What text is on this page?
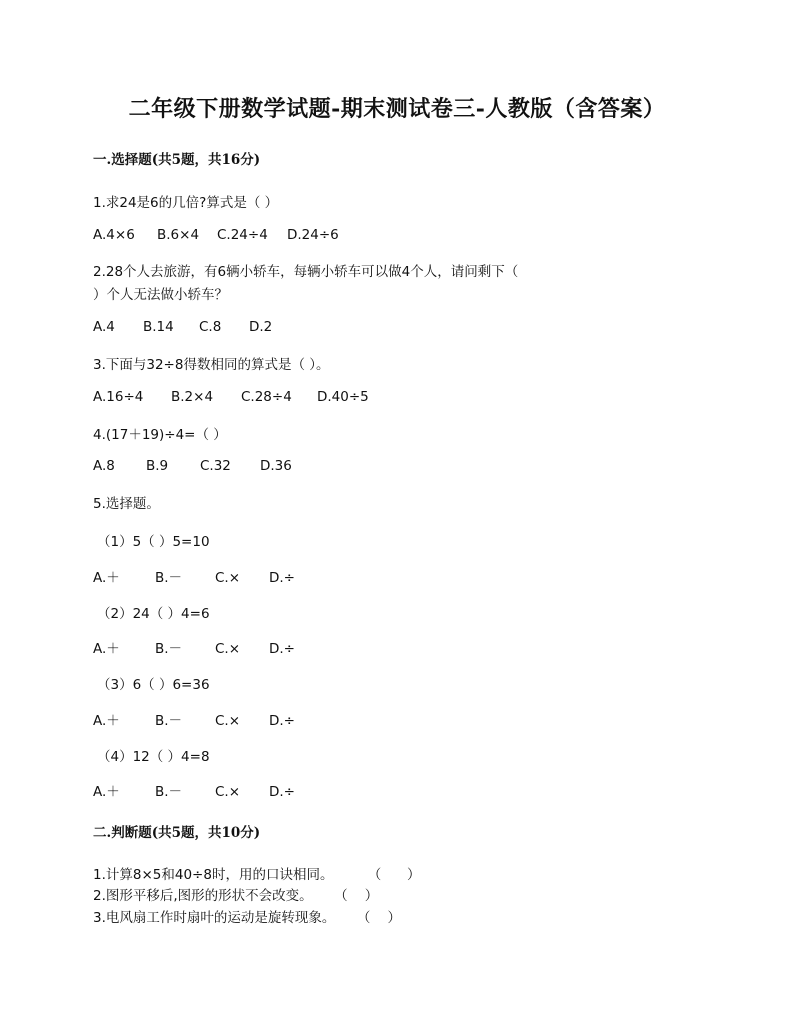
二年级下册数学试题-期末测试卷三-人教版（含答案）
一.选择题(共5题，共16分)
1.求24是6的几倍?算式是（ ）
A.4×6 B.6×4 C.24÷4 D.24÷6
2.28个人去旅游，有6辆小轿车，每辆小轿车可以做4个人，请问剩下（
）个人无法做小轿车？
A.4 B.14 C.8 D.2
3.下面与32÷8得数相同的算式是（ ）。
A.16÷4 B.2×4 C.28÷4 D.40÷5
4.(17＋19)÷4=（ ）
A.8 B.9 C.32 D.36
5.选择题。
（1）5（ ）5=10
A.＋	B.－ C.× D.÷
（2）24（ ）4=6
A.＋	B.－ C.× D.÷
（3）6（ ）6=36
A.＋	B.－ C.× D.÷
（4）12（ ）4=8
A.＋	B.－ C.× D.÷
二.判断题(共5题，共10分)
1.计算8×5和40÷8时，用的口诀相同。        （      ）
2.图形平移后,图形的形状不会改变。     （    ）
3.电风扇工作时扇叶的运动是旋转现象。     （    ）
